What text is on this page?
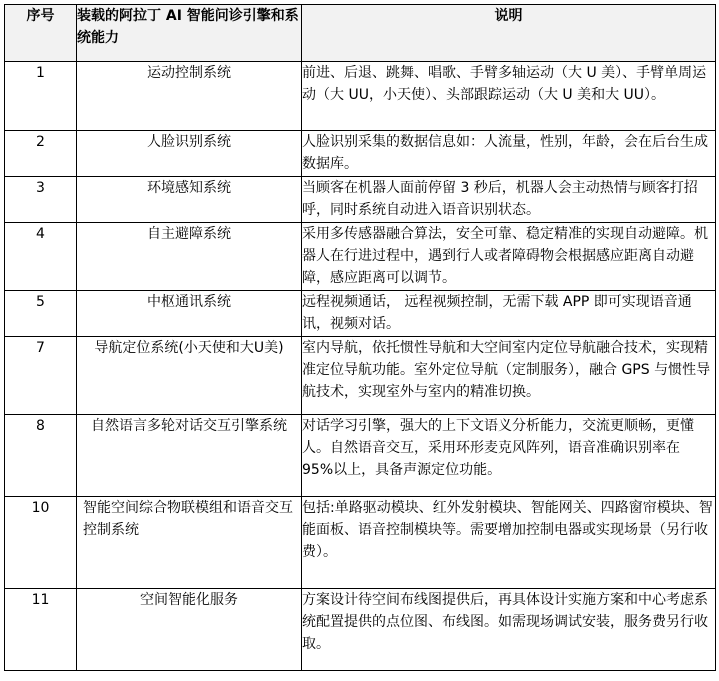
序号	装载的阿拉丁 AI 智能问诊引擎和系统能力	说明
1	运动控制系统	前进、后退、跳舞、唱歌、手臂多轴运动（大 U 美）、手臂单周运动（大 UU，小天使）、头部跟踪运动（大 U 美和大 UU）。
2	人脸识别系统	人脸识别采集的数据信息如：人流量，性别，年龄，会在后台生成数据库。
3	环境感知系统	当顾客在机器人面前停留 3 秒后，机器人会主动热情与顾客打招呼，同时系统自动进入语音识别状态。
4	自主避障系统	采用多传感器融合算法，安全可靠、稳定精准的实现自动避障。机器人在行进过程中，遇到行人或者障碍物会根据感应距离自动避障，感应距离可以调节。
5	中枢通讯系统	远程视频通话， 远程视频控制，无需下载 APP 即可实现语音通讯，视频对话。
7	导航定位系统(小天使和大U美)	室内导航，依托惯性导航和大空间室内定位导航融合技术，实现精准定位导航功能。室外定位导航（定制服务），融合 GPS 与惯性导航技术，实现室外与室内的精准切换。
8	自然语言多轮对话交互引擎系统	对话学习引擎，强大的上下文语义分析能力，交流更顺畅，更懂人。自然语音交互，采用环形麦克风阵列，语音准确识别率在 95%以上，具备声源定位功能。
10	智能空间综合物联模组和语音交互控制系统	包括:单路驱动模块、红外发射模块、智能网关、四路窗帘模块、智能面板、语音控制模块等。需要增加控制电器或实现场景（另行收费）。
11	空间智能化服务	方案设计待空间布线图提供后，再具体设计实施方案和中心考虑系统配置提供的点位图、布线图。如需现场调试安装，服务费另行收取。
